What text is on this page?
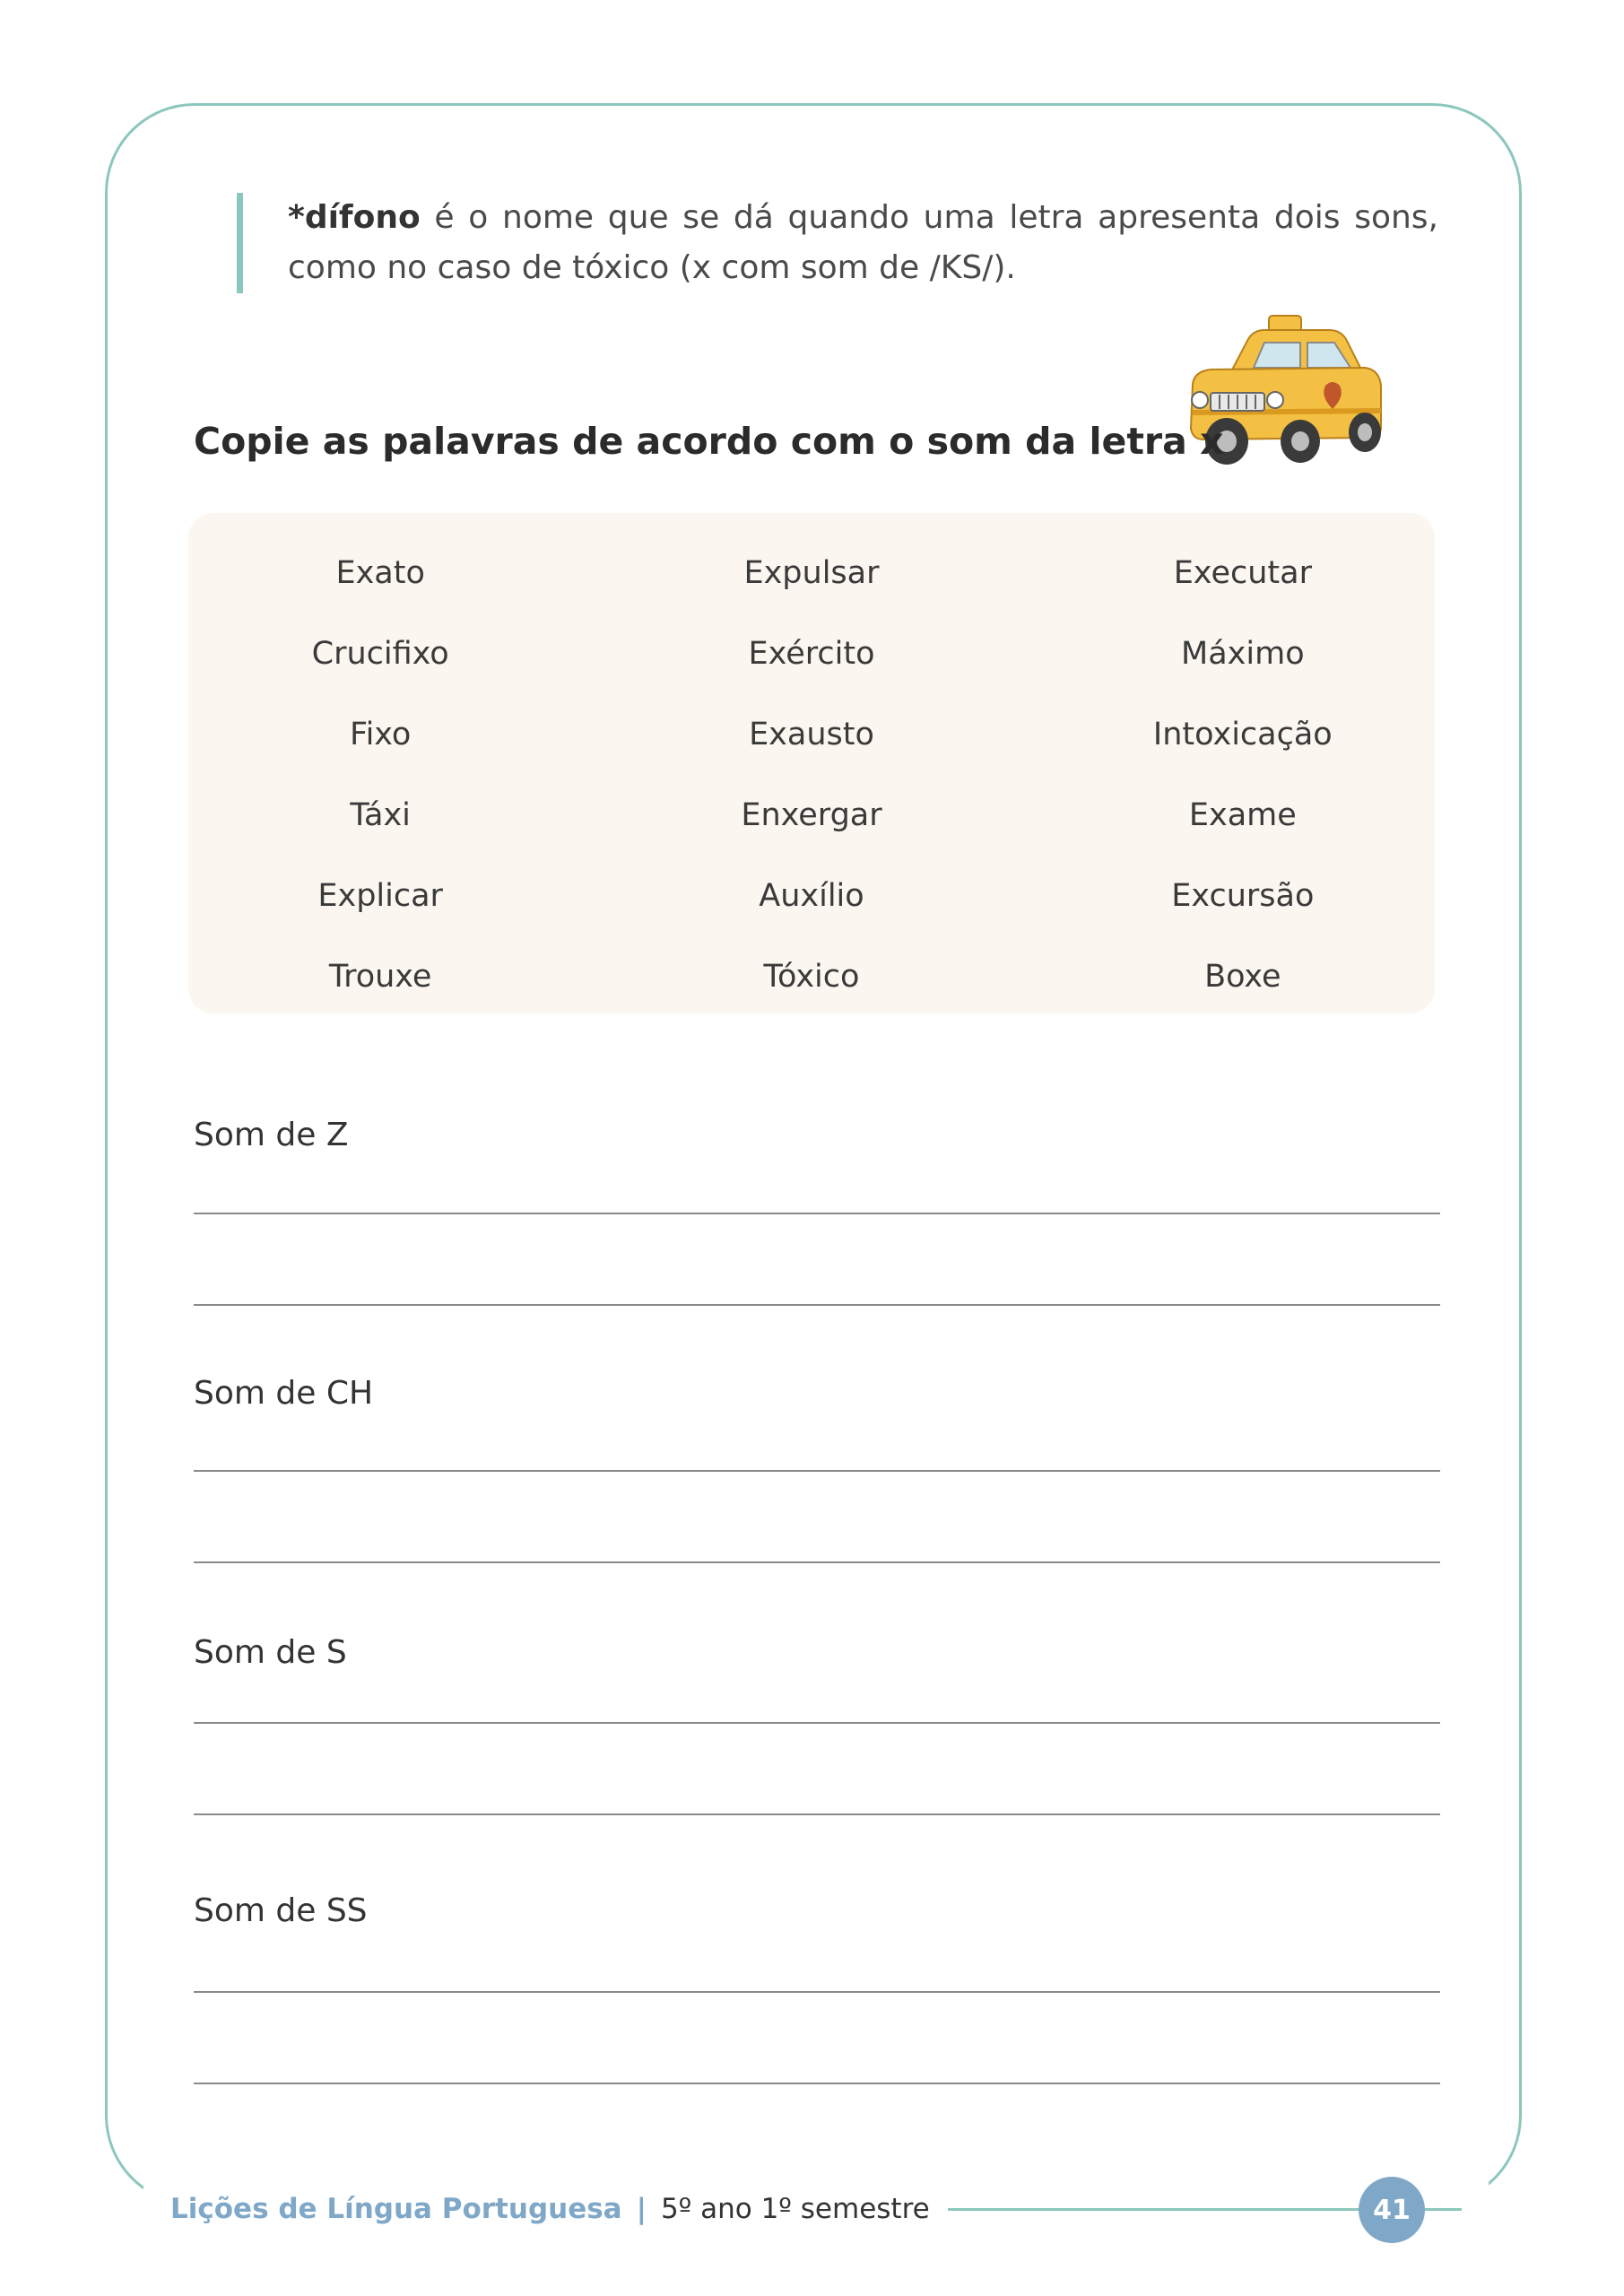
*dífono é o nome que se dá quando uma letra apresenta dois sons, como no caso de tóxico (x com som de /KS/).
Copie as palavras de acordo com o som da letra x
Exato	Expulsar	Executar
Crucifixo	Exército	Máximo
Fixo	Exausto	Intoxicação
Táxi	Enxergar	Exame
Explicar	Auxílio	Excursão
Trouxe	Tóxico	Boxe

Som de Z

Som de CH

Som de S

Som de SS

Lições de Língua Portuguesa | 5º ano 1º semestre	41
